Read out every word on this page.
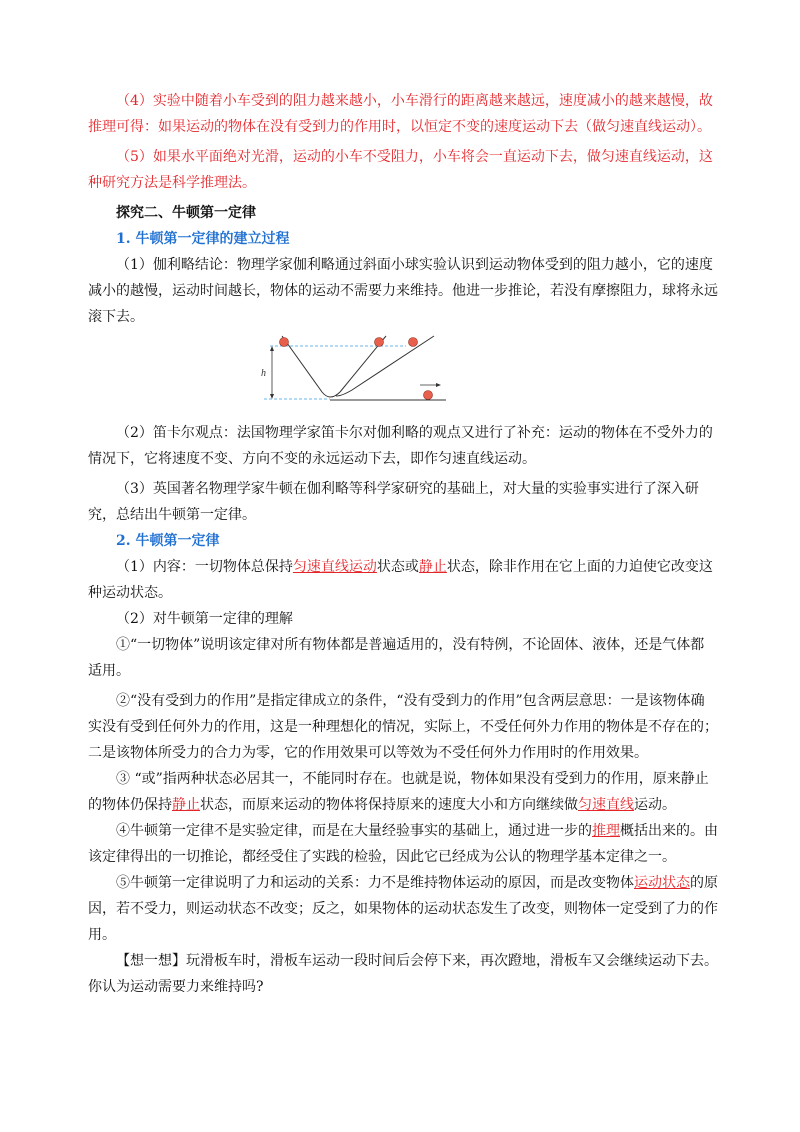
（4）实验中随着小车受到的阻力越来越小，小车滑行的距离越来越远，速度减小的越来越慢，故推理可得：如果运动的物体在没有受到力的作用时，以恒定不变的速度运动下去（做匀速直线运动）。

（5）如果水平面绝对光滑，运动的小车不受阻力，小车将会一直运动下去，做匀速直线运动，这种研究方法是科学推理法。

探究二、牛顿第一定律

1. 牛顿第一定律的建立过程

（1）伽利略结论：物理学家伽利略通过斜面小球实验认识到运动物体受到的阻力越小，它的速度减小的越慢，运动时间越长，物体的运动不需要力来维持。他进一步推论，若没有摩擦阻力，球将永远滚下去。

h

（2）笛卡尔观点：法国物理学家笛卡尔对伽利略的观点又进行了补充：运动的物体在不受外力的情况下，它将速度不变、方向不变的永远运动下去，即作匀速直线运动。

（3）英国著名物理学家牛顿在伽利略等科学家研究的基础上，对大量的实验事实进行了深入研究，总结出牛顿第一定律。

2. 牛顿第一定律

（1）内容：一切物体总保持匀速直线运动状态或静止状态，除非作用在它上面的力迫使它改变这种运动状态。

（2）对牛顿第一定律的理解

①“一切物体”说明该定律对所有物体都是普遍适用的，没有特例，不论固体、液体，还是气体都适用。

②“没有受到力的作用”是指定律成立的条件，“没有受到力的作用”包含两层意思：一是该物体确实没有受到任何外力的作用，这是一种理想化的情况，实际上，不受任何外力作用的物体是不存在的；二是该物体所受力的合力为零，它的作用效果可以等效为不受任何外力作用时的作用效果。

③ “或”指两种状态必居其一，不能同时存在。也就是说，物体如果没有受到力的作用，原来静止的物体仍保持静止状态，而原来运动的物体将保持原来的速度大小和方向继续做匀速直线运动。

④牛顿第一定律不是实验定律，而是在大量经验事实的基础上，通过进一步的推理概括出来的。由该定律得出的一切推论，都经受住了实践的检验，因此它已经成为公认的物理学基本定律之一。

⑤牛顿第一定律说明了力和运动的关系：力不是维持物体运动的原因，而是改变物体运动状态的原因，若不受力，则运动状态不改变；反之，如果物体的运动状态发生了改变，则物体一定受到了力的作用。

【想一想】玩滑板车时，滑板车运动一段时间后会停下来，再次蹬地，滑板车又会继续运动下去。你认为运动需要力来维持吗?
